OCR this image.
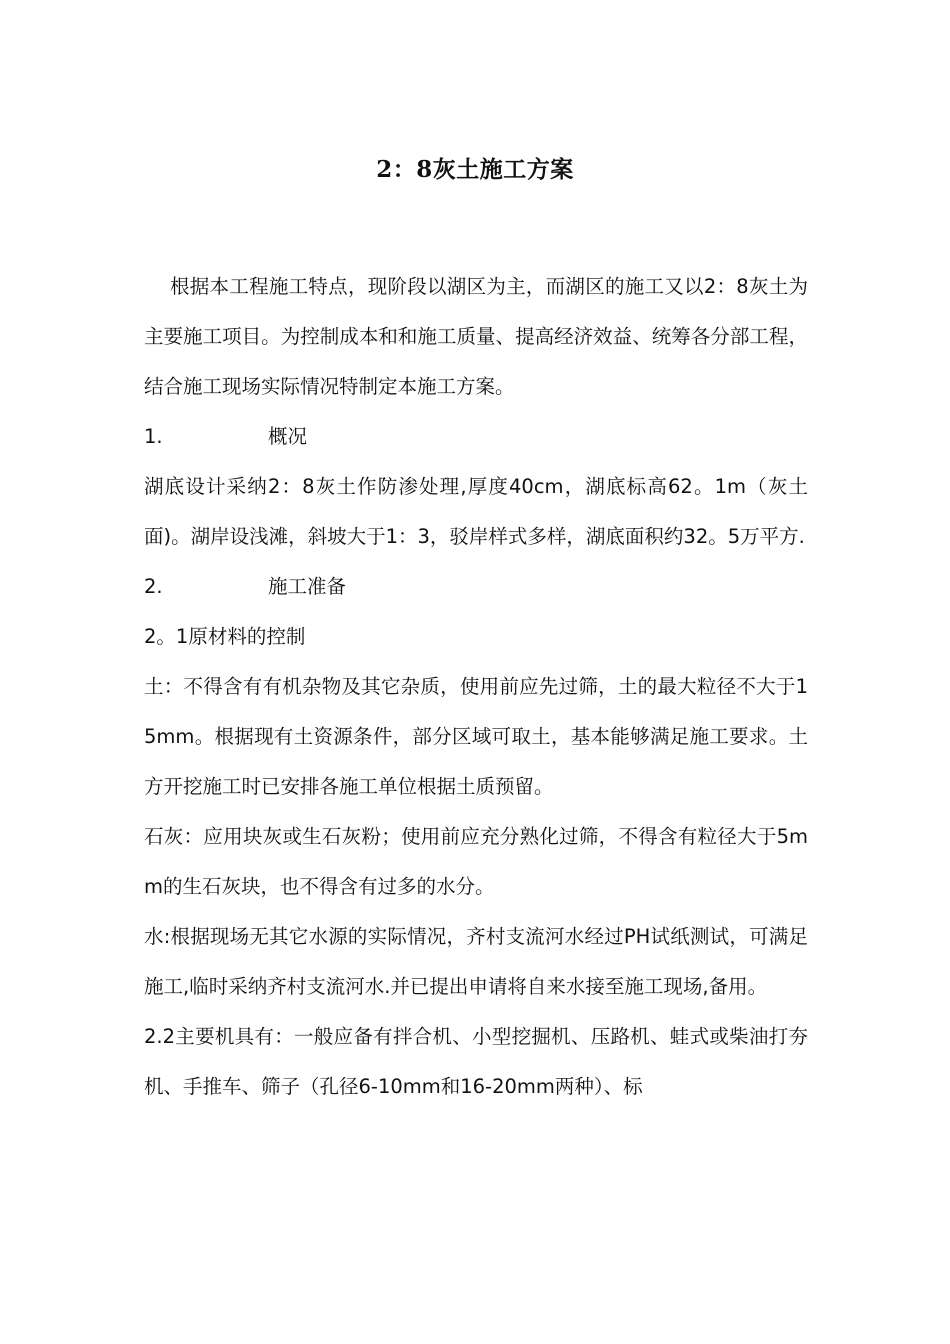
2：8灰土施工方案

根据本工程施工特点，现阶段以湖区为主，而湖区的施工又以2：8灰土为主要施工项目。为控制成本和和施工质量、提高经济效益、统筹各分部工程，结合施工现场实际情况特制定本施工方案。

1.	概况

湖底设计采纳2：8灰土作防渗处理,厚度40cm，湖底标高62。1m（灰土面)。湖岸设浅滩，斜坡大于1：3，驳岸样式多样，湖底面积约32。5万平方.

2.	施工准备

2。1原材料的控制

土：不得含有有机杂物及其它杂质，使用前应先过筛，土的最大粒径不大于15mm。根据现有土资源条件，部分区域可取土，基本能够满足施工要求。土方开挖施工时已安排各施工单位根据土质预留。

石灰：应用块灰或生石灰粉；使用前应充分熟化过筛，不得含有粒径大于5mm的生石灰块，也不得含有过多的水分。

水:根据现场无其它水源的实际情况，齐村支流河水经过PH试纸测试，可满足施工,临时采纳齐村支流河水.并已提出申请将自来水接至施工现场,备用。

2.2主要机具有：一般应备有拌合机、小型挖掘机、压路机、蛙式或柴油打夯机、手推车、筛子（孔径6-10mm和16-20mm两种）、标
